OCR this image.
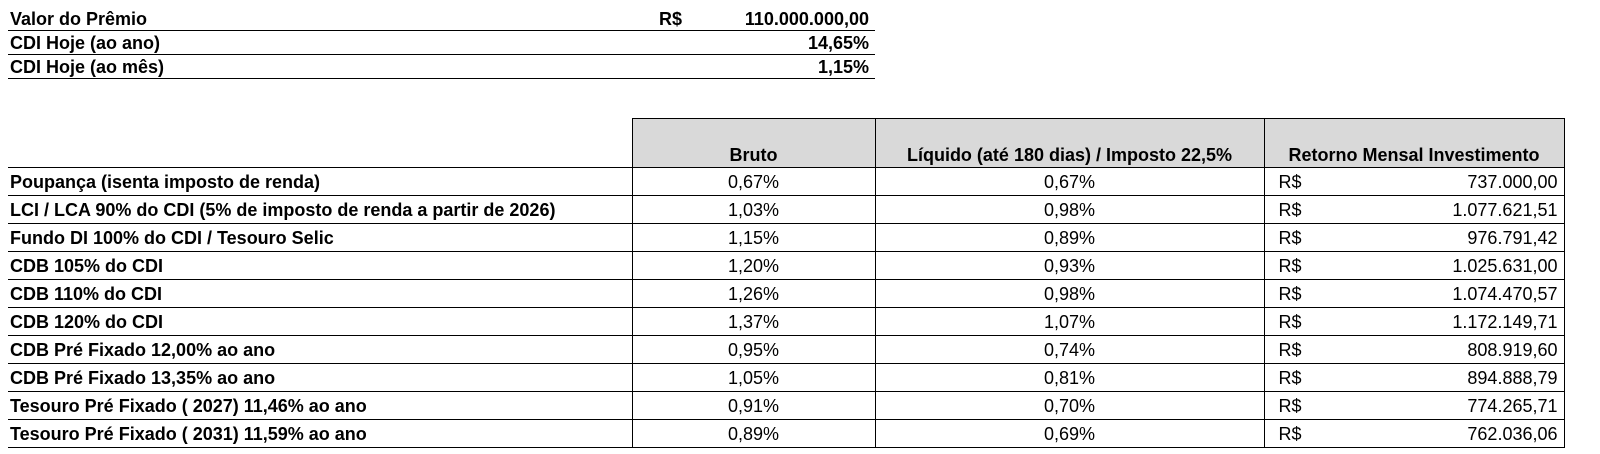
Valor do Prêmio	R$	110.000.000,00
CDI Hoje (ao ano)	14,65%
CDI Hoje (ao mês)	1,15%
	Bruto	Líquido (até 180 dias) / Imposto 22,5%	Retorno Mensal Investimento
Poupança (isenta imposto de renda)	0,67%	0,67%	R$ 737.000,00

LCI / LCA 90% do CDI (5% de imposto de renda a partir de 2026)	1,03%	0,98%	R$ 1.077.621,51

Fundo DI 100% do CDI / Tesouro Selic	1,15%	0,89%	R$ 976.791,42

CDB 105% do CDI	1,20%	0,93%	R$ 1.025.631,00

CDB 110% do CDI	1,26%	0,98%	R$ 1.074.470,57

CDB 120% do CDI	1,37%	1,07%	R$ 1.172.149,71

CDB Pré Fixado 12,00% ao ano	0,95%	0,74%	R$ 808.919,60

CDB Pré Fixado 13,35% ao ano	1,05%	0,81%	R$ 894.888,79

Tesouro Pré Fixado ( 2027) 11,46% ao ano	0,91%	0,70%	R$ 774.265,71

Tesouro Pré Fixado ( 2031) 11,59% ao ano	0,89%	0,69%	R$ 762.036,06
